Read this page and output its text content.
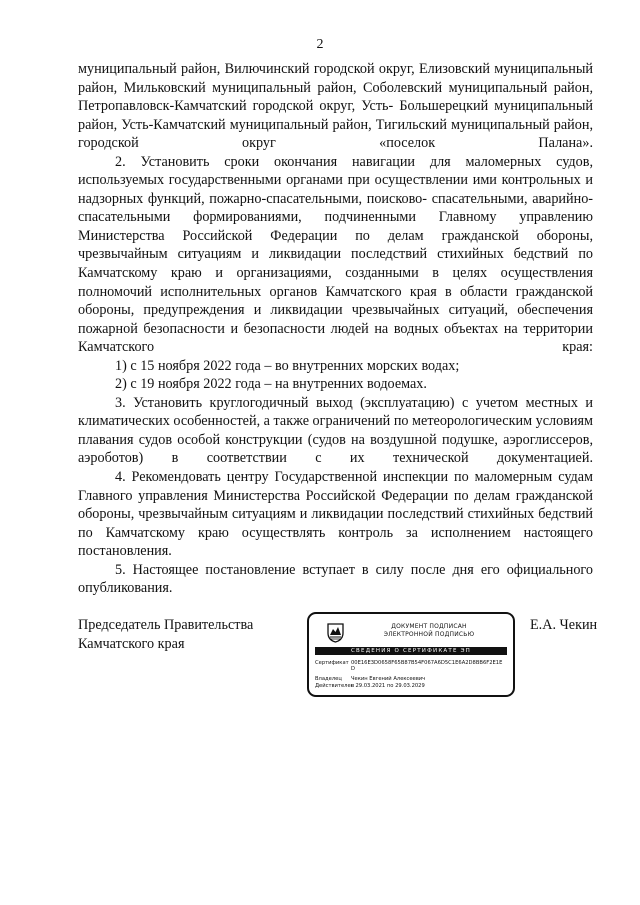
2

муниципальный район, Вилючинский городской округ, Елизовский муниципальный район, Мильковский муниципальный район, Соболевский муниципальный район, Петропавловск-Камчатский городской округ, Усть- Большерецкий муниципальный район, Усть-Камчатский муниципальный район, Тигильский муниципальный район, городской округ «поселок Палана».

2. Установить сроки окончания навигации для маломерных судов, используемых государственными органами при осуществлении ими контрольных и надзорных функций, пожарно-спасательными, поисково- спасательными, аварийно-спасательными формированиями, подчиненными Главному управлению Министерства Российской Федерации по делам гражданской обороны, чрезвычайным ситуациям и ликвидации последствий стихийных бедствий по Камчатскому краю и организациями, созданными в целях осуществления полномочий исполнительных органов Камчатского края в области гражданской обороны, предупреждения и ликвидации чрезвычайных ситуаций, обеспечения пожарной безопасности и безопасности людей на водных объектах на территории Камчатского края:

1) с 15 ноября 2022 года – во внутренних морских водах;

2) с 19 ноября 2022 года – на внутренних водоемах.

3. Установить круглогодичный выход (эксплуатацию) с учетом местных и климатических особенностей, а также ограничений по метеорологическим условиям плавания судов особой конструкции (судов на воздушной подушке, аэроглиссеров, аэроботов) в соответствии с их технической документацией.

4. Рекомендовать центру Государственной инспекции по маломерным судам Главного управления Министерства Российской Федерации по делам гражданской обороны, чрезвычайным ситуациям и ликвидации последствий стихийных бедствий по Камчатскому краю осуществлять контроль за исполнением настоящего постановления.

5. Настоящее постановление вступает в силу после дня его официального опубликования.

Председатель Правительства
Камчатского края
ДОКУМЕНТ ПОДПИСАН
ЭЛЕКТРОННОЙ ПОДПИСЬЮ
СВЕДЕНИЯ О СЕРТИФИКАТЕ ЭП
Сертификат 00E16E3D0658F65B87B54F067A6D5C1E6A2D8BB6F2E1E
D
Владелец Чекин Евгений Алексеевич
Действителенс 29.03.2021 по 29.03.2029
Е.А. Чекин
